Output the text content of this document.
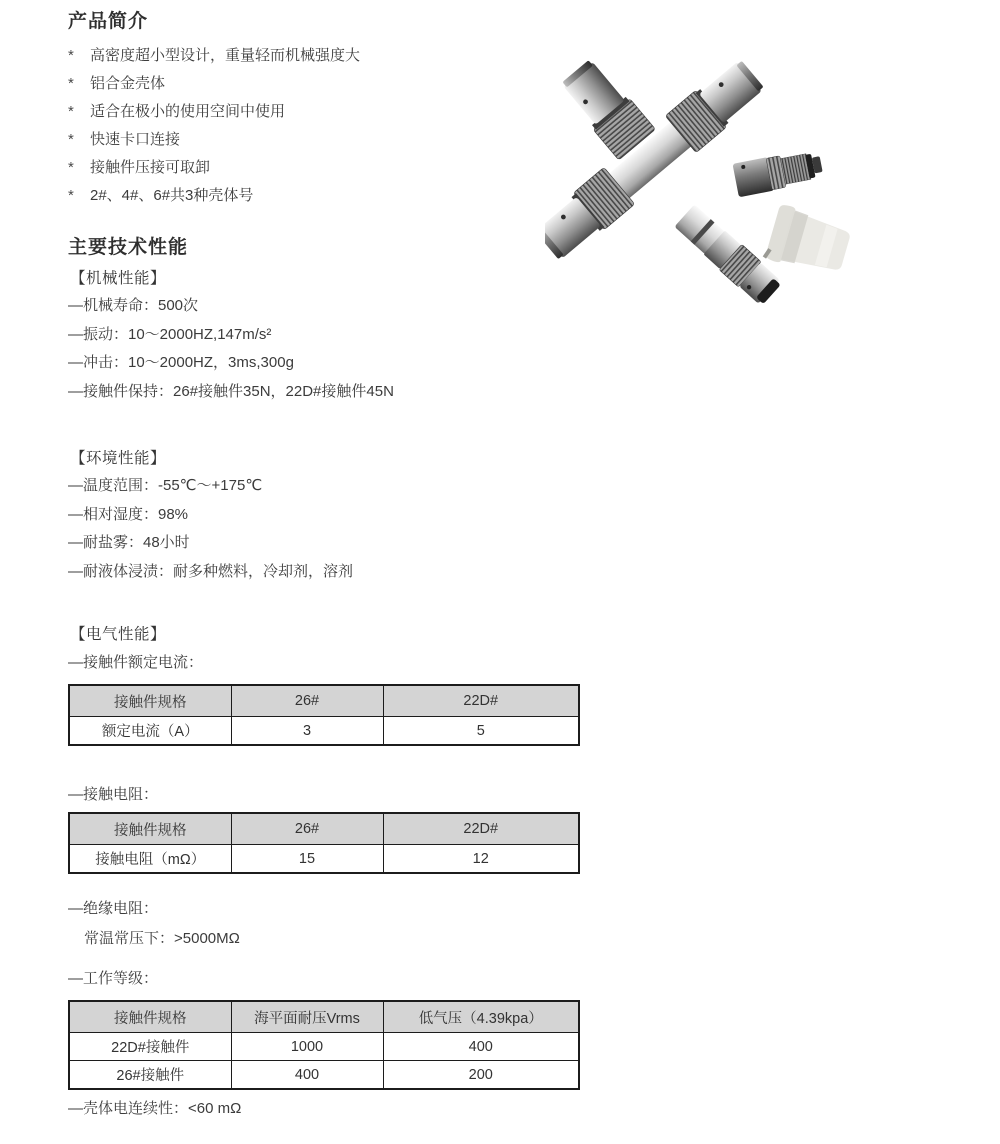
产品简介
*	高密度超小型设计，重量轻而机械强度大
*	铝合金壳体
*	适合在极小的使用空间中使用
*	快速卡口连接
*	接触件压接可取卸
*	2#、4#、6#共3种壳体号
主要技术性能
【机械性能】
—机械寿命：500次
—振动：10～2000HZ,147m/s²
—冲击：10～2000HZ，3ms,300g
—接触件保持：26#接触件35N，22D#接触件45N
【环境性能】
—温度范围：-55℃～+175℃
—相对湿度：98%
—耐盐雾：48小时
—耐液体浸渍：耐多种燃料，冷却剂，溶剂
【电气性能】
—接触件额定电流：
接触件规格	26#	22D#
额定电流（A）	3	5
—接触电阻：
接触件规格	26#	22D#
接触电阻（mΩ）	15	12
—绝缘电阻：
常温常压下：>5000MΩ
—工作等级：
接触件规格	海平面耐压Vrms	低气压（4.39kpa）
22D#接触件	1000	400
26#接触件	400	200
—壳体电连续性：<60 mΩ
